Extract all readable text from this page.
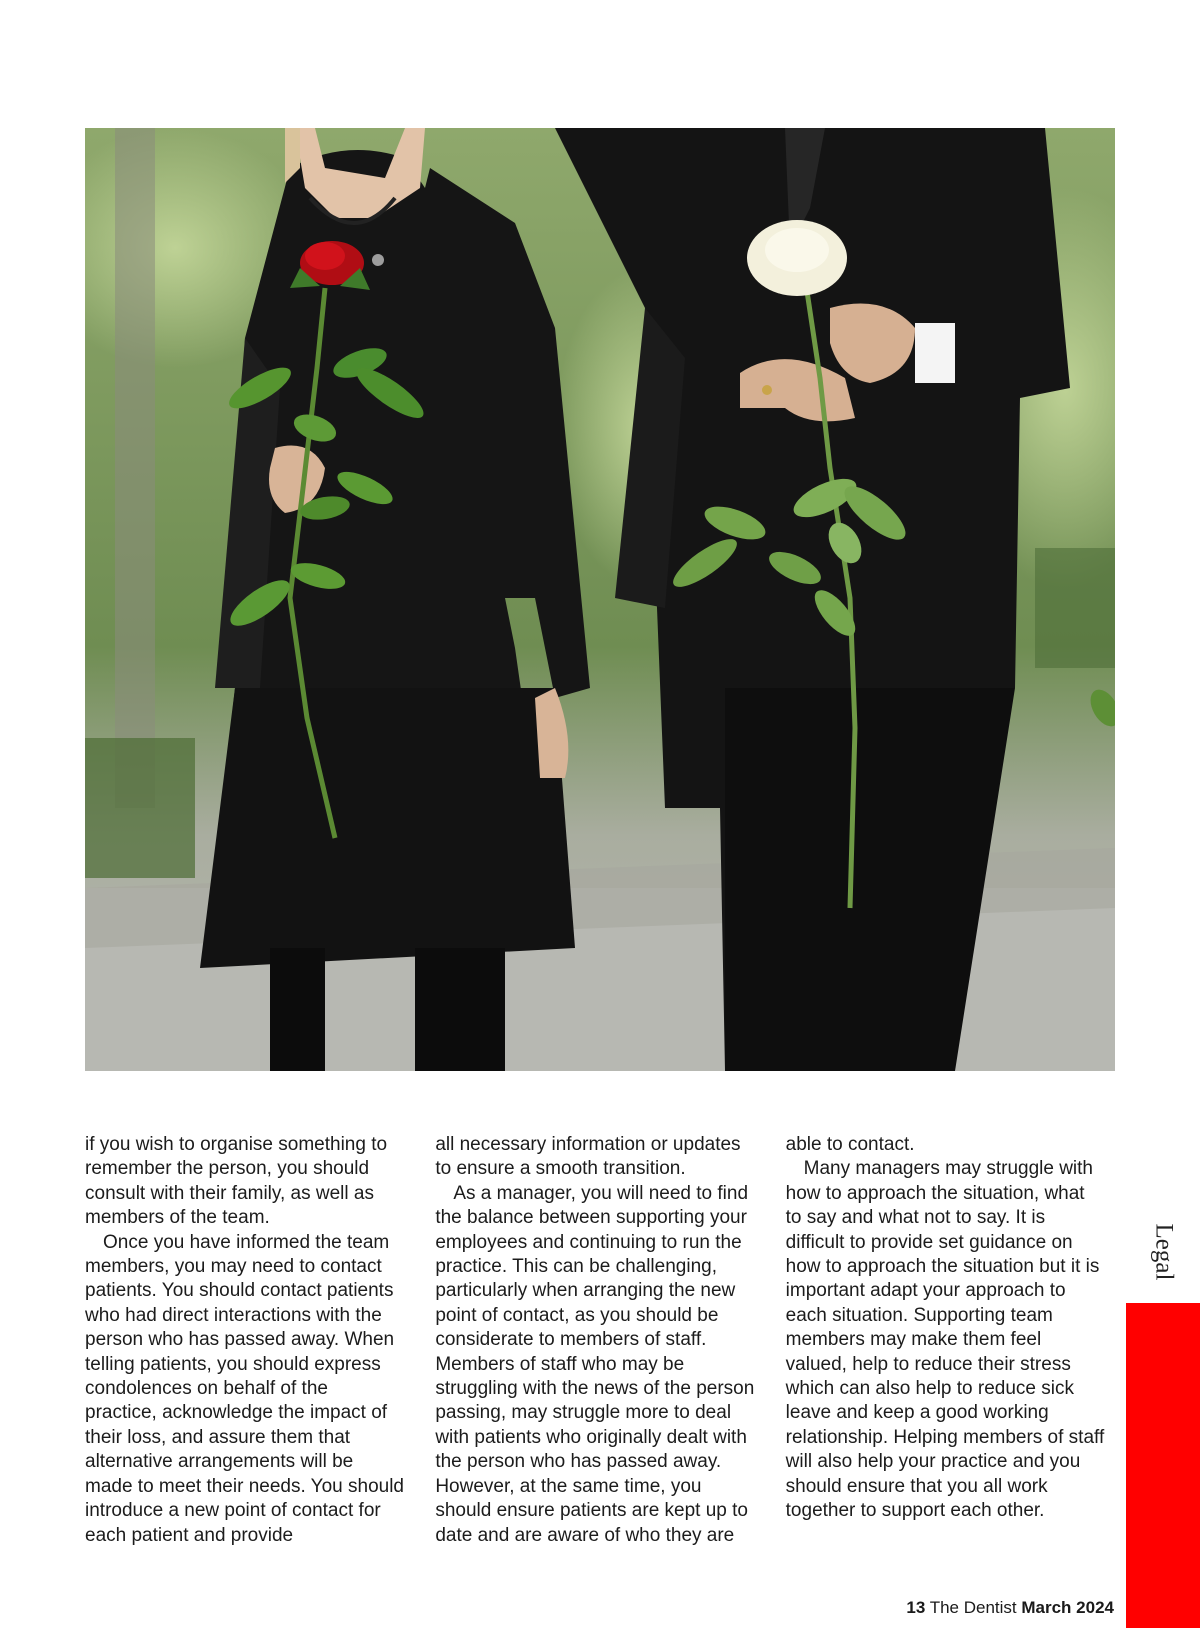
if you wish to organise something to remember the person, you should consult with their family, as well as members of the team.

Once you have informed the team members, you may need to contact patients. You should contact patients who had direct interactions with the person who has passed away. When telling patients, you should express condolences on behalf of the practice, acknowledge the impact of their loss, and assure them that alternative arrangements will be made to meet their needs. You should introduce a new point of contact for each patient and provide

all necessary information or updates to ensure a smooth transition.

As a manager, you will need to find the balance between supporting your employees and continuing to run the practice. This can be challenging, particularly when arranging the new point of contact, as you should be considerate to members of staff. Members of staff who may be struggling with the news of the person passing, may struggle more to deal with patients who originally dealt with the person who has passed away. However, at the same time, you should ensure patients are kept up to date and are aware of who they are

able to contact.

Many managers may struggle with how to approach the situation, what to say and what not to say. It is difficult to provide set guidance on how to approach the situation but it is important adapt your approach to each situation. Supporting team members may make them feel valued, help to reduce their stress which can also help to reduce sick leave and keep a good working relationship. Helping members of staff will also help your practice and you should ensure that you all work together to support each other.

Legal
13 The Dentist March 2024
